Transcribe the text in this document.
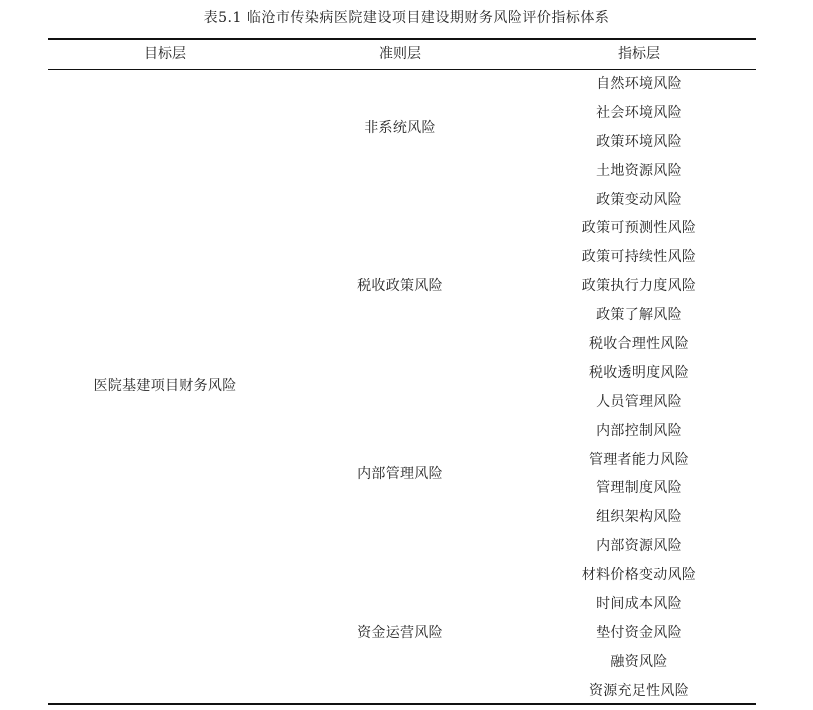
表5.1 临沧市传染病医院建设项目建设期财务风险评价指标体系
目标层	准则层	指标层
医院基建项目财务风险
非系统风险
税收政策风险
内部管理风险
资金运营风险
自然环境风险
社会环境风险
政策环境风险
土地资源风险
政策变动风险
政策可预测性风险
政策可持续性风险
政策执行力度风险
政策了解风险
税收合理性风险
税收透明度风险
人员管理风险
内部控制风险
管理者能力风险
管理制度风险
组织架构风险
内部资源风险
材料价格变动风险
时间成本风险
垫付资金风险
融资风险
资源充足性风险
